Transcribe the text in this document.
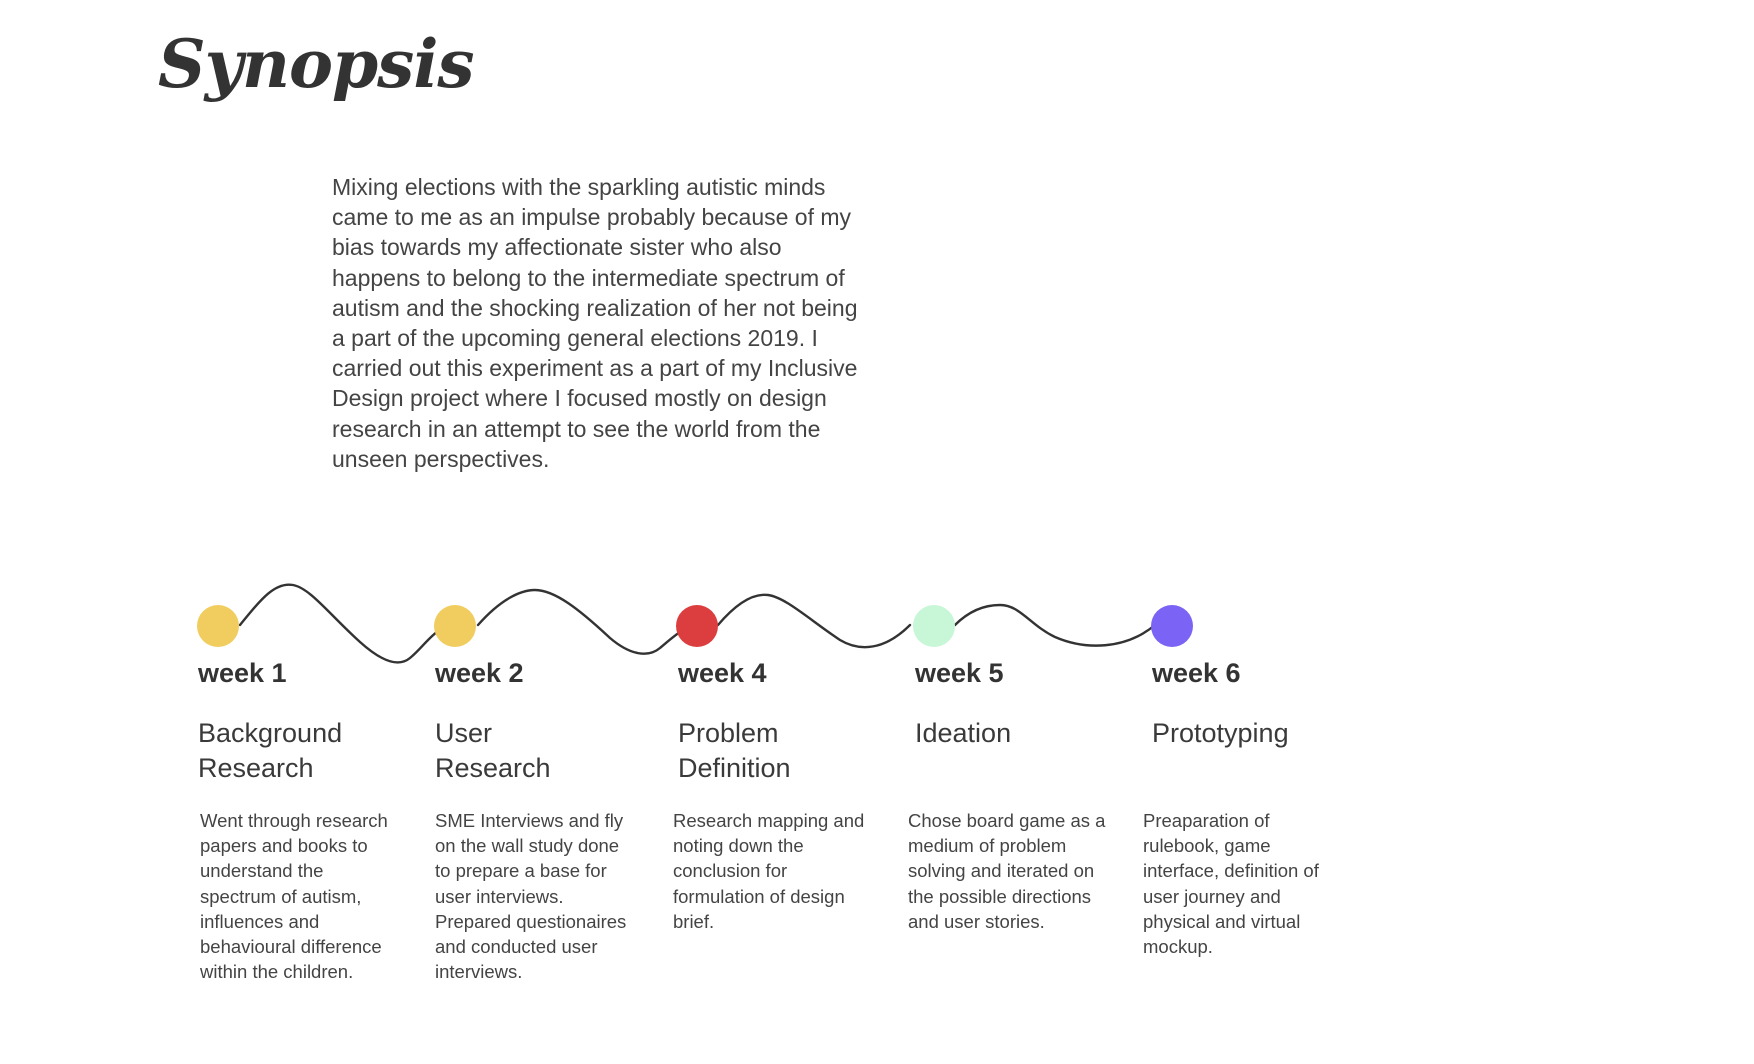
Synopsis

Mixing elections with the sparkling autistic minds came to me as an impulse probably because of my bias towards my affectionate sister who also happens to belong to the intermediate spectrum of autism and the shocking realization of her not being a part of the upcoming general elections 2019. I carried out this experiment as a part of my Inclusive Design project where I focused mostly on design research in an attempt to see the world from the unseen perspectives.

week 1

Background
Research

Went through research papers and books to understand the spectrum of autism, influences and behavioural difference within the children.

week 2

User
Research

SME Interviews and fly on the wall study done to prepare a base for user interviews. Prepared questionaires and conducted user interviews.

week 4

Problem
Definition

Research mapping and noting down the conclusion for formulation of design brief.

week 5

Ideation

Chose board game as a medium of problem solving and iterated on the possible directions and user stories.

week 6

Prototyping

Preaparation of rulebook, game interface, definition of user journey and physical and virtual mockup.
